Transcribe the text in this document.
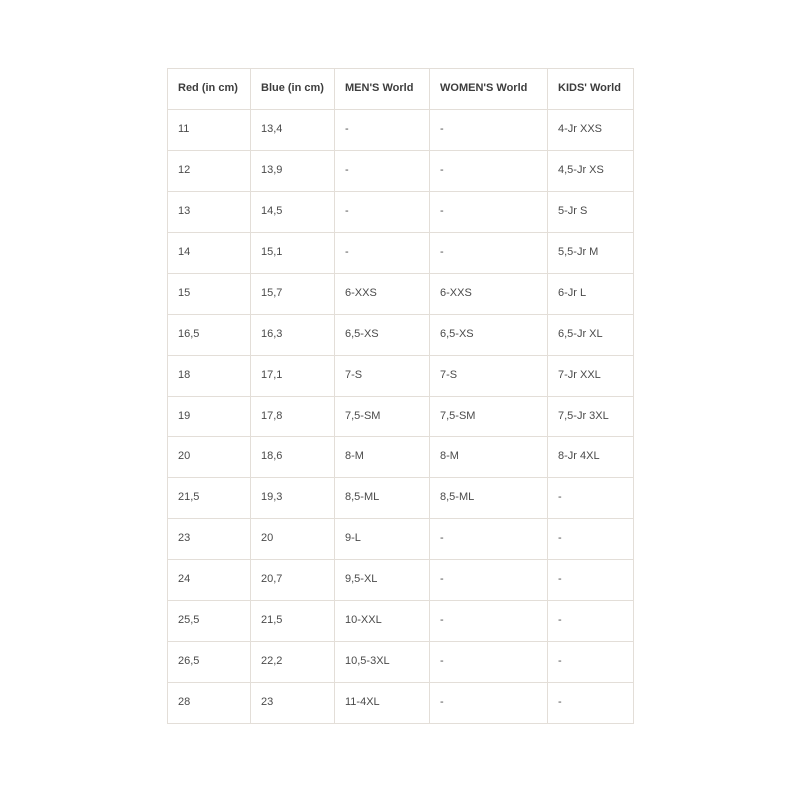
Red (in cm)	Blue (in cm)	MEN'S World	WOMEN'S World	KIDS' World
11	13,4	-	-	4-Jr XXS
12	13,9	-	-	4,5-Jr XS
13	14,5	-	-	5-Jr S
14	15,1	-	-	5,5-Jr M
15	15,7	6-XXS	6-XXS	6-Jr L
16,5	16,3	6,5-XS	6,5-XS	6,5-Jr XL
18	17,1	7-S	7-S	7-Jr XXL
19	17,8	7,5-SM	7,5-SM	7,5-Jr 3XL
20	18,6	8-M	8-M	8-Jr 4XL
21,5	19,3	8,5-ML	8,5-ML	-
23	20	9-L	-	-
24	20,7	9,5-XL	-	-
25,5	21,5	10-XXL	-	-
26,5	22,2	10,5-3XL	-	-
28	23	11-4XL	-	-
